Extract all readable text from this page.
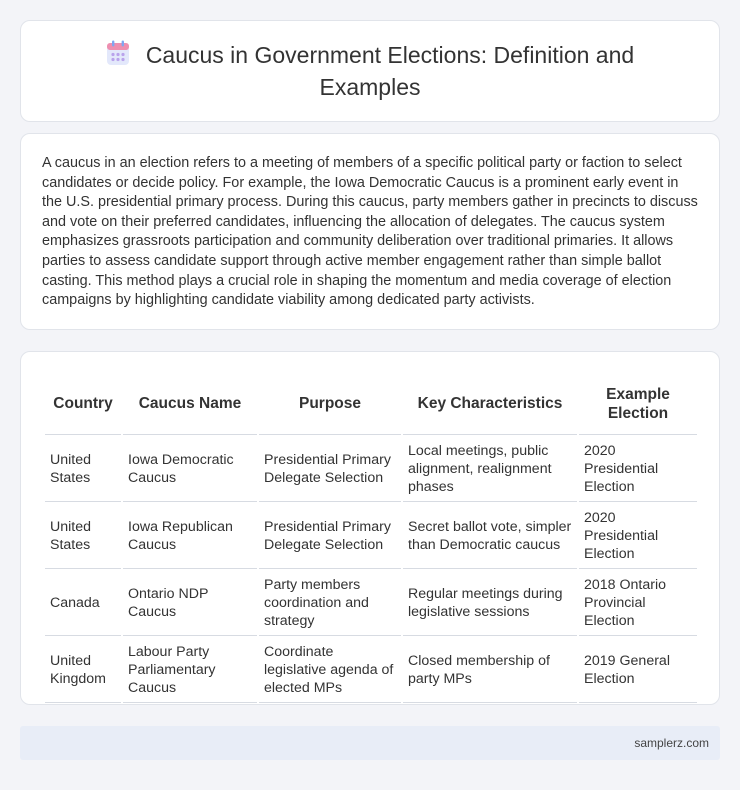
Caucus in Government Elections: Definition and Examples

A caucus in an election refers to a meeting of members of a specific political party or faction to select candidates or decide policy. For example, the Iowa Democratic Caucus is a prominent early event in the U.S. presidential primary process. During this caucus, party members gather in precincts to discuss and vote on their preferred candidates, influencing the allocation of delegates. The caucus system emphasizes grassroots participation and community deliberation over traditional primaries. It allows parties to assess candidate support through active member engagement rather than simple ballot casting. This method plays a crucial role in shaping the momentum and media coverage of election campaigns by highlighting candidate viability among dedicated party activists.

Country	Caucus Name	Purpose	Key Characteristics	Example Election
United States	Iowa Democratic Caucus	Presidential Primary Delegate Selection	Local meetings, public alignment, realignment phases	2020 Presidential Election
United States	Iowa Republican Caucus	Presidential Primary Delegate Selection	Secret ballot vote, simpler than Democratic caucus	2020 Presidential Election
Canada	Ontario NDP Caucus	Party members coordination and strategy	Regular meetings during legislative sessions	2018 Ontario Provincial Election
United Kingdom	Labour Party Parliamentary Caucus	Coordinate legislative agenda of elected MPs	Closed membership of party MPs	2019 General Election
samplerz.com
